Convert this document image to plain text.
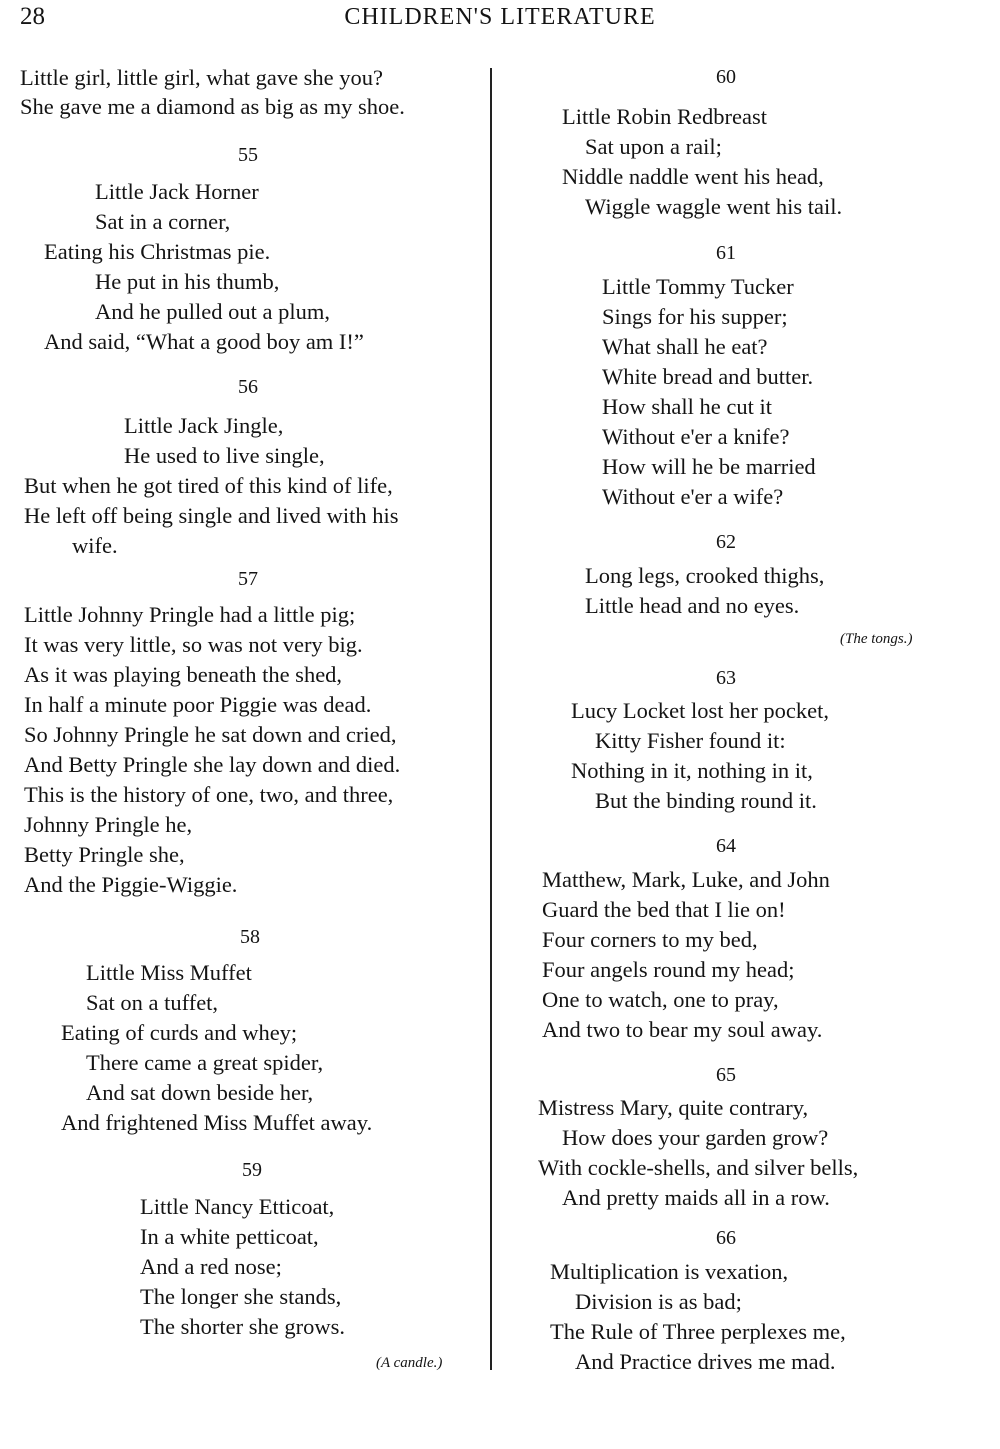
28	CHILDREN'S LITERATURE
Little girl, little girl, what gave she you?
She gave me a diamond as big as my shoe.
55
Little Jack Horner
Sat in a corner,
Eating his Christmas pie.
He put in his thumb,
And he pulled out a plum,
And said, “What a good boy am I!”
56
Little Jack Jingle,
He used to live single,
But when he got tired of this kind of life,
He left off being single and lived with his
wife.
57
Little Johnny Pringle had a little pig;
It was very little, so was not very big.
As it was playing beneath the shed,
In half a minute poor Piggie was dead.
So Johnny Pringle he sat down and cried,
And Betty Pringle she lay down and died.
This is the history of one, two, and three,
Johnny Pringle he,
Betty Pringle she,
And the Piggie-Wiggie.
58
Little Miss Muffet
Sat on a tuffet,
Eating of curds and whey;
There came a great spider,
And sat down beside her,
And frightened Miss Muffet away.
59
Little Nancy Etticoat,
In a white petticoat,
And a red nose;
The longer she stands,
The shorter she grows.
(A candle.)
60
Little Robin Redbreast
Sat upon a rail;
Niddle naddle went his head,
Wiggle waggle went his tail.
61
Little Tommy Tucker
Sings for his supper;
What shall he eat?
White bread and butter.
How shall he cut it
Without e'er a knife?
How will he be married
Without e'er a wife?
62
Long legs, crooked thighs,
Little head and no eyes.
(The tongs.)
63
Lucy Locket lost her pocket,
Kitty Fisher found it:
Nothing in it, nothing in it,
But the binding round it.
64
Matthew, Mark, Luke, and John
Guard the bed that I lie on!
Four corners to my bed,
Four angels round my head;
One to watch, one to pray,
And two to bear my soul away.
65
Mistress Mary, quite contrary,
How does your garden grow?
With cockle-shells, and silver bells,
And pretty maids all in a row.
66
Multiplication is vexation,
Division is as bad;
The Rule of Three perplexes me,
And Practice drives me mad.
